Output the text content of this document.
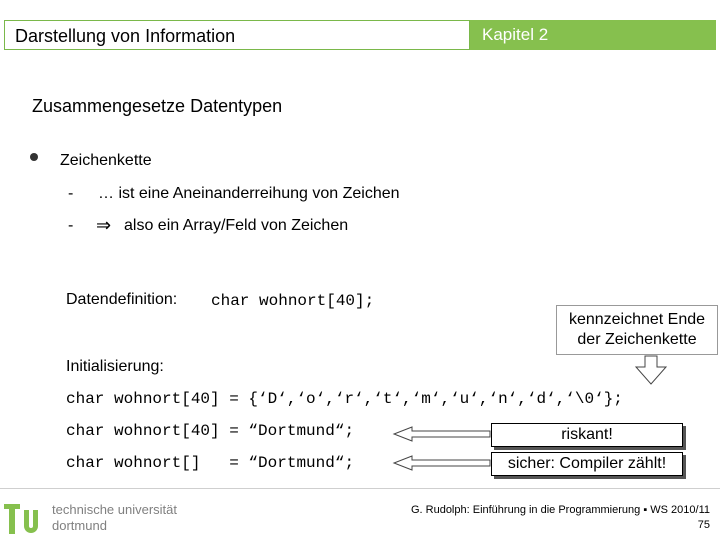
Darstellung von Information	Kapitel 2
Zusammengesetze Datentypen
Zeichenkette
- … ist eine Aneinanderreihung von Zeichen
- ⇒ also ein Array/Feld von Zeichen
Datendefinition: char wohnort[40];
kennzeichnet Ende
der Zeichenkette
Initialisierung:
char wohnort[40] = {‘D‘,‘o‘,‘r‘,‘t‘,‘m‘,‘u‘,‘n‘,‘d‘,‘\0‘};
char wohnort[40] = “Dortmund“;
char wohnort[]   = “Dortmund“;
riskant!
sicher: Compiler zählt!
technische universität
dortmund
G. Rudolph: Einführung in die Programmierung ▪ WS 2010/11
75
